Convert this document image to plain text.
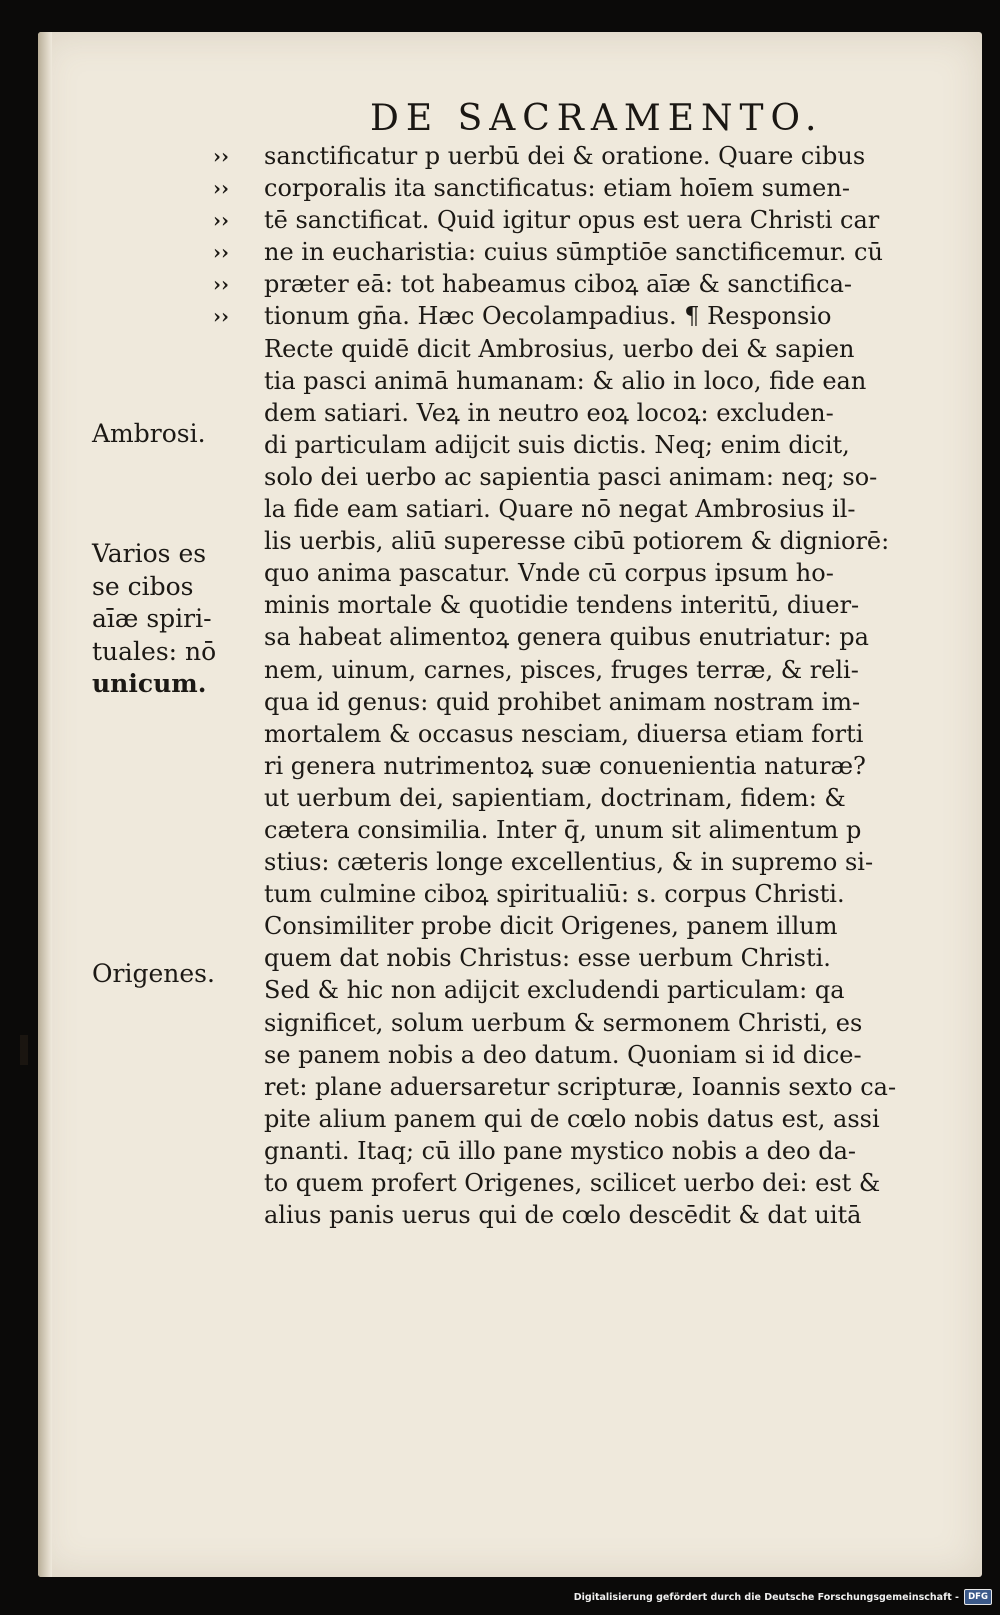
DE SACRAMENTO.
››
››
››
››
››
››
sanctificatur p uerbū dei & oratione. Quare cibus
corporalis ita sanctificatus: etiam hoīem sumen-
tē sanctificat. Quid igitur opus est uera Christi car
ne in eucharistia: cuius sūmptiōe sanctificemur. cū
præter eā: tot habeamus ciboꝝ aīæ & sanctifica-
tionum gn̄a. Hæc Oecolampadius. ¶ Responsio
Recte quidē dicit Ambrosius, uerbo dei & sapien
tia pasci animā humanam: & alio in loco, fide ean
dem satiari. Veꝝ in neutro eoꝝ locoꝝ: excluden-
di particulam adijcit suis dictis. Neq; enim dicit,
solo dei uerbo ac sapientia pasci animam: neq; so-
la fide eam satiari. Quare nō negat Ambrosius il-
lis uerbis, aliū superesse cibū potiorem & digniorē:
quo anima pascatur. Vnde cū corpus ipsum ho-
minis mortale & quotidie tendens interitū, diuer-
sa habeat alimentoꝝ genera quibus enutriatur: pa
nem, uinum, carnes, pisces, fruges terræ, & reli-
qua id genus: quid prohibet animam nostram im-
mortalem & occasus nesciam, diuersa etiam forti
ri genera nutrimentoꝝ suæ conuenientia naturæ?
ut uerbum dei, sapientiam, doctrinam, fidem: &
cætera consimilia. Inter q̄, unum sit alimentum p
stius: cæteris longe excellentius, & in supremo si-
tum culmine ciboꝝ spiritualiū: s. corpus Christi.
Consimiliter probe dicit Origenes, panem illum
quem dat nobis Christus: esse uerbum Christi.
Sed & hic non adijcit excludendi particulam: qa
significet, solum uerbum & sermonem Christi, es
se panem nobis a deo datum. Quoniam si id dice-
ret: plane aduersaretur scripturæ, Ioannis sexto ca-
pite alium panem qui de cœlo nobis datus est, assi
gnanti. Itaq; cū illo pane mystico nobis a deo da-
to quem profert Origenes, scilicet uerbo dei: est &
alius panis uerus qui de cœlo descēdit & dat uitā
Ambrosi.
Varios es
se cibos
aīæ spiri-
tuales: nō
unicum.
Origenes.
Digitalisierung gefördert durch die Deutsche Forschungsgemeinschaft -	DFG
